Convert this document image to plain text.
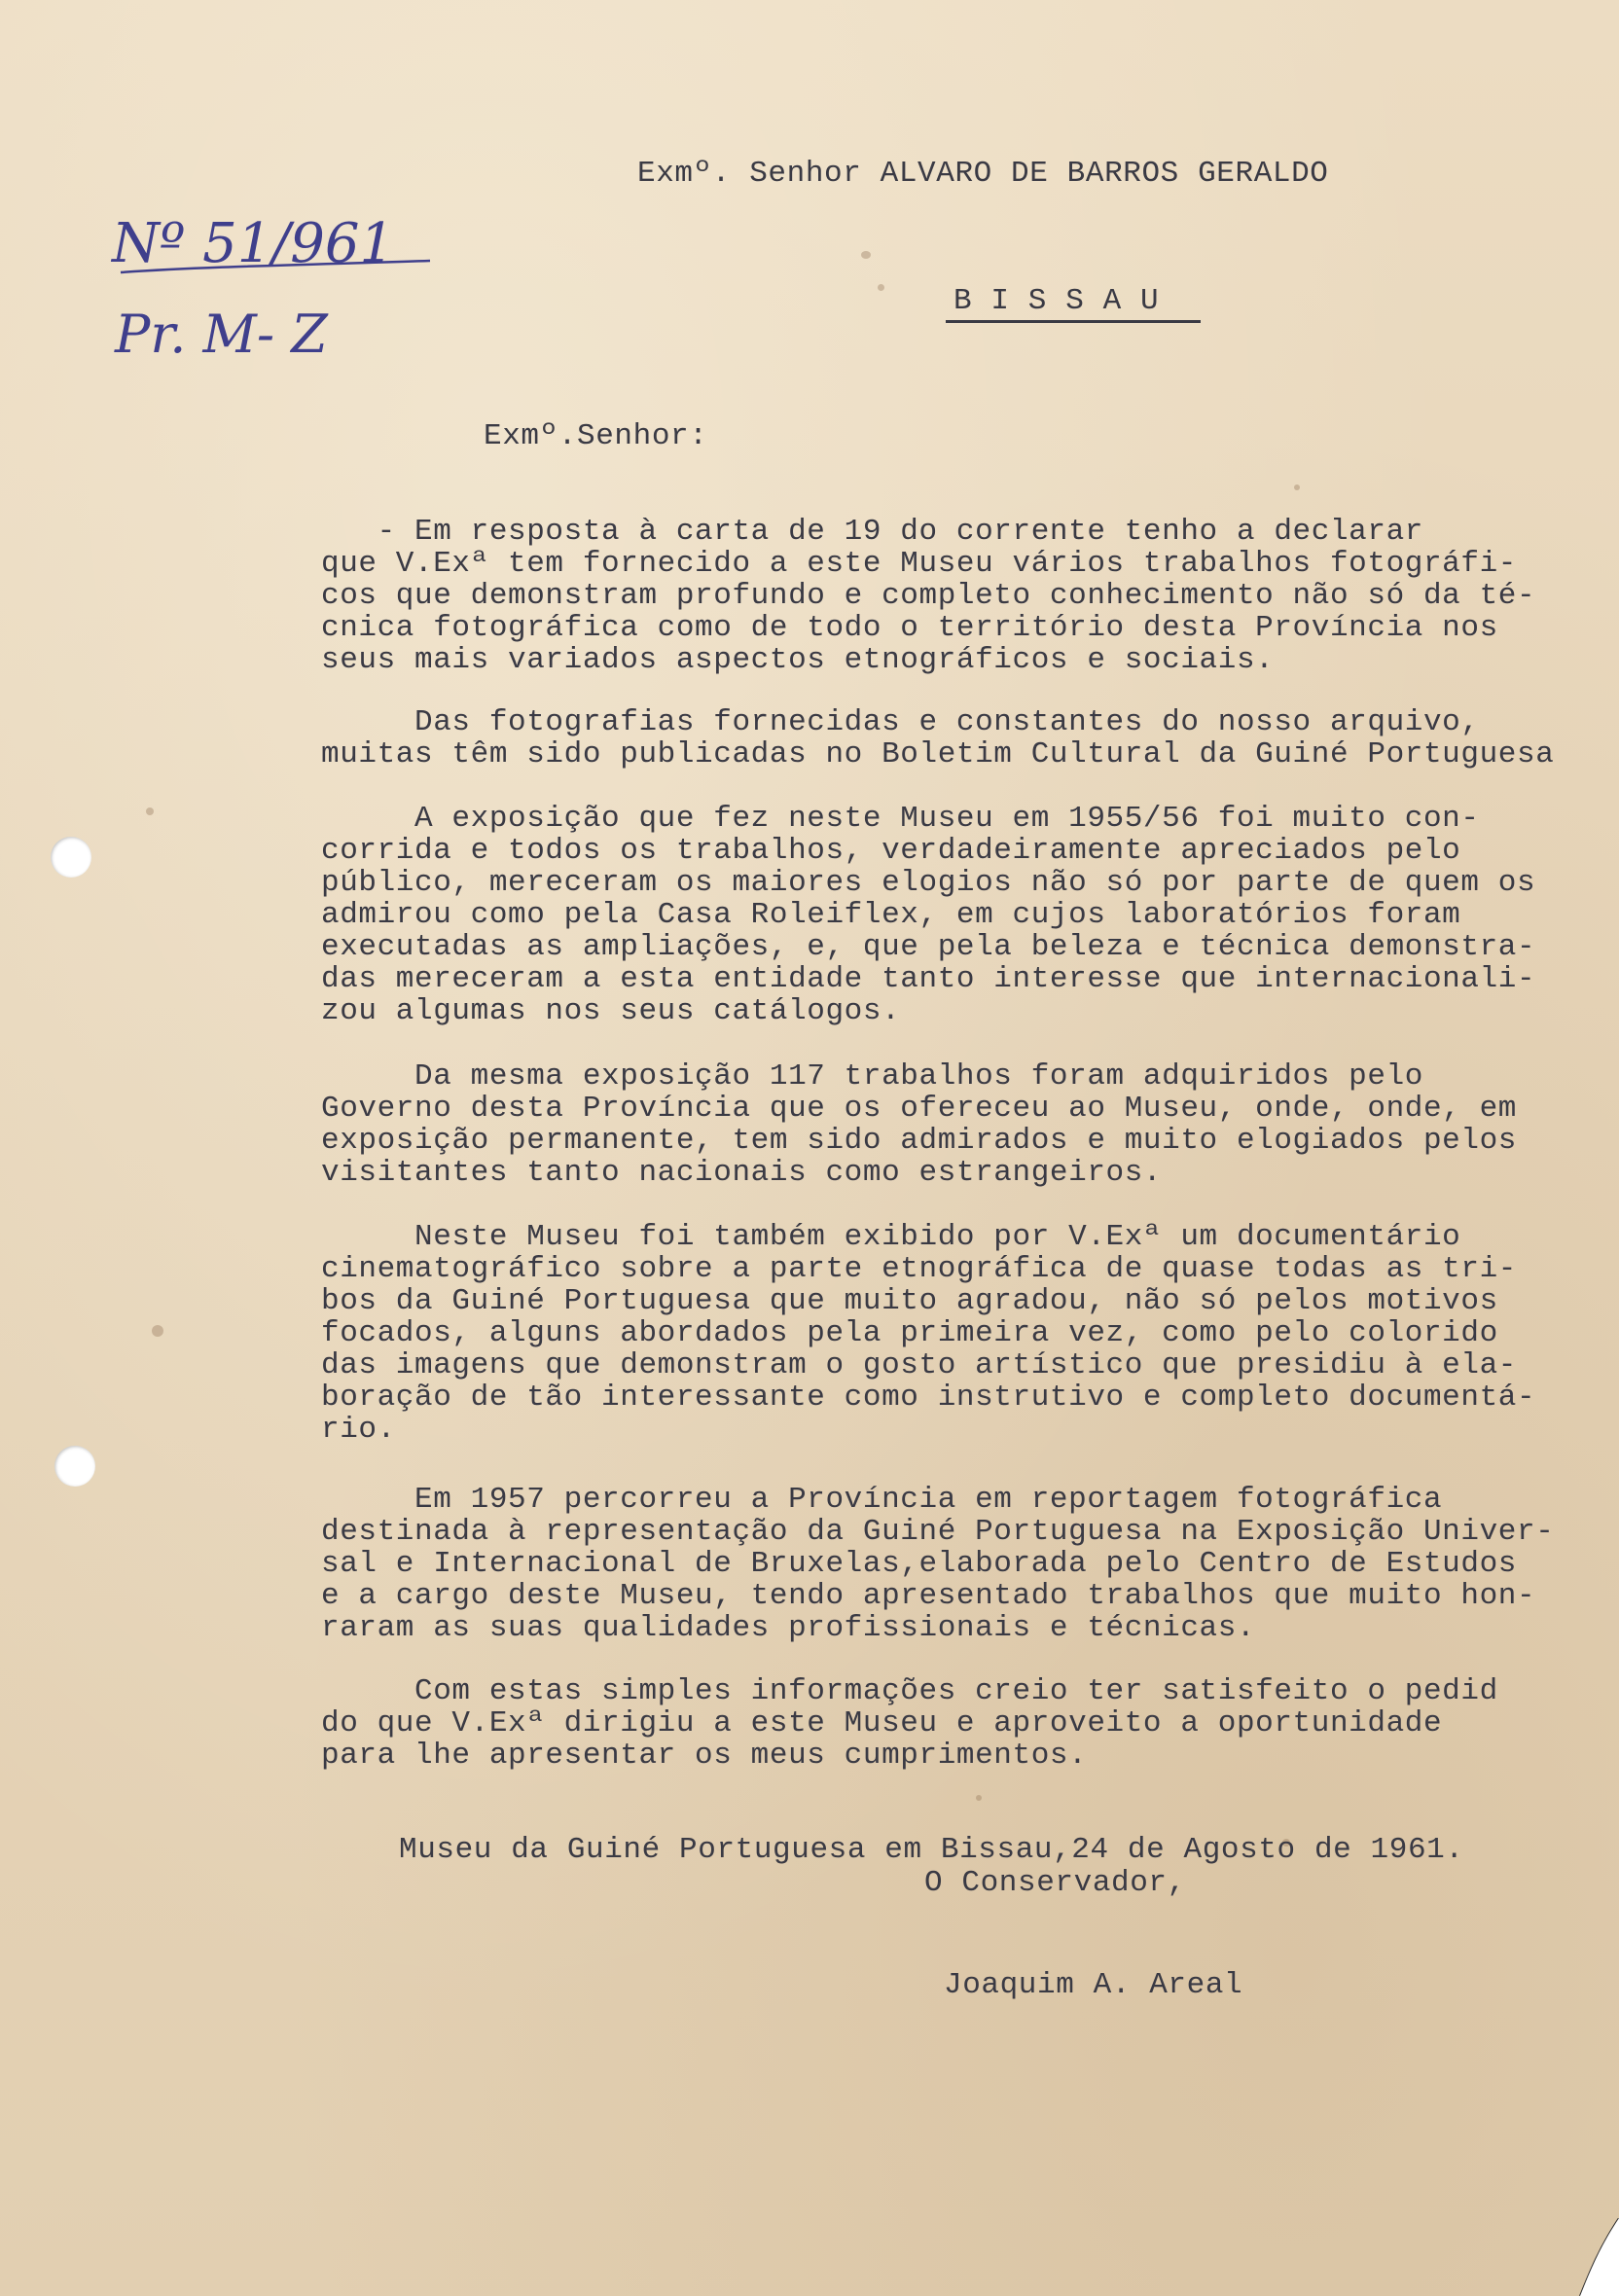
Exmº. Senhor ALVARO DE BARROS GERALDO
B I S S A U
Nº 51/961
Pr. M- Z
Exmº.Senhor:
- Em resposta à carta de 19 do corrente tenho a declarar
que V.Exª tem fornecido a este Museu vários trabalhos fotográfi-
cos que demonstram profundo e completo conhecimento não só da té-
cnica fotográfica como de todo o território desta Província nos
seus mais variados aspectos etnográficos e sociais.
Das fotografias fornecidas e constantes do nosso arquivo,
muitas têm sido publicadas no Boletim Cultural da Guiné Portuguesa
A exposição que fez neste Museu em 1955/56 foi muito con-
corrida e todos os trabalhos, verdadeiramente apreciados pelo
público, mereceram os maiores elogios não só por parte de quem os
admirou como pela Casa Roleiflex, em cujos laboratórios foram
executadas as ampliações, e, que pela beleza e técnica demonstra-
das mereceram a esta entidade tanto interesse que internacionali-
zou algumas nos seus catálogos.
Da mesma exposição 117 trabalhos foram adquiridos pelo
Governo desta Província que os ofereceu ao Museu, onde, onde, em
exposição permanente, tem sido admirados e muito elogiados pelos
visitantes tanto nacionais como estrangeiros.
Neste Museu foi também exibido por V.Exª um documentário
cinematográfico sobre a parte etnográfica de quase todas as tri-
bos da Guiné Portuguesa que muito agradou, não só pelos motivos
focados, alguns abordados pela primeira vez, como pelo colorido
das imagens que demonstram o gosto artístico que presidiu à ela-
boração de tão interessante como instrutivo e completo documentá-
rio.
Em 1957 percorreu a Província em reportagem fotográfica
destinada à representação da Guiné Portuguesa na Exposição Univer-
sal e Internacional de Bruxelas,elaborada pelo Centro de Estudos
e a cargo deste Museu, tendo apresentado trabalhos que muito hon-
raram as suas qualidades profissionais e técnicas.
Com estas simples informações creio ter satisfeito o pedid
do que V.Exª dirigiu a este Museu e aproveito a oportunidade
para lhe apresentar os meus cumprimentos.
Museu da Guiné Portuguesa em Bissau,24 de Agosto de 1961.
O Conservador,
Joaquim A. Areal
